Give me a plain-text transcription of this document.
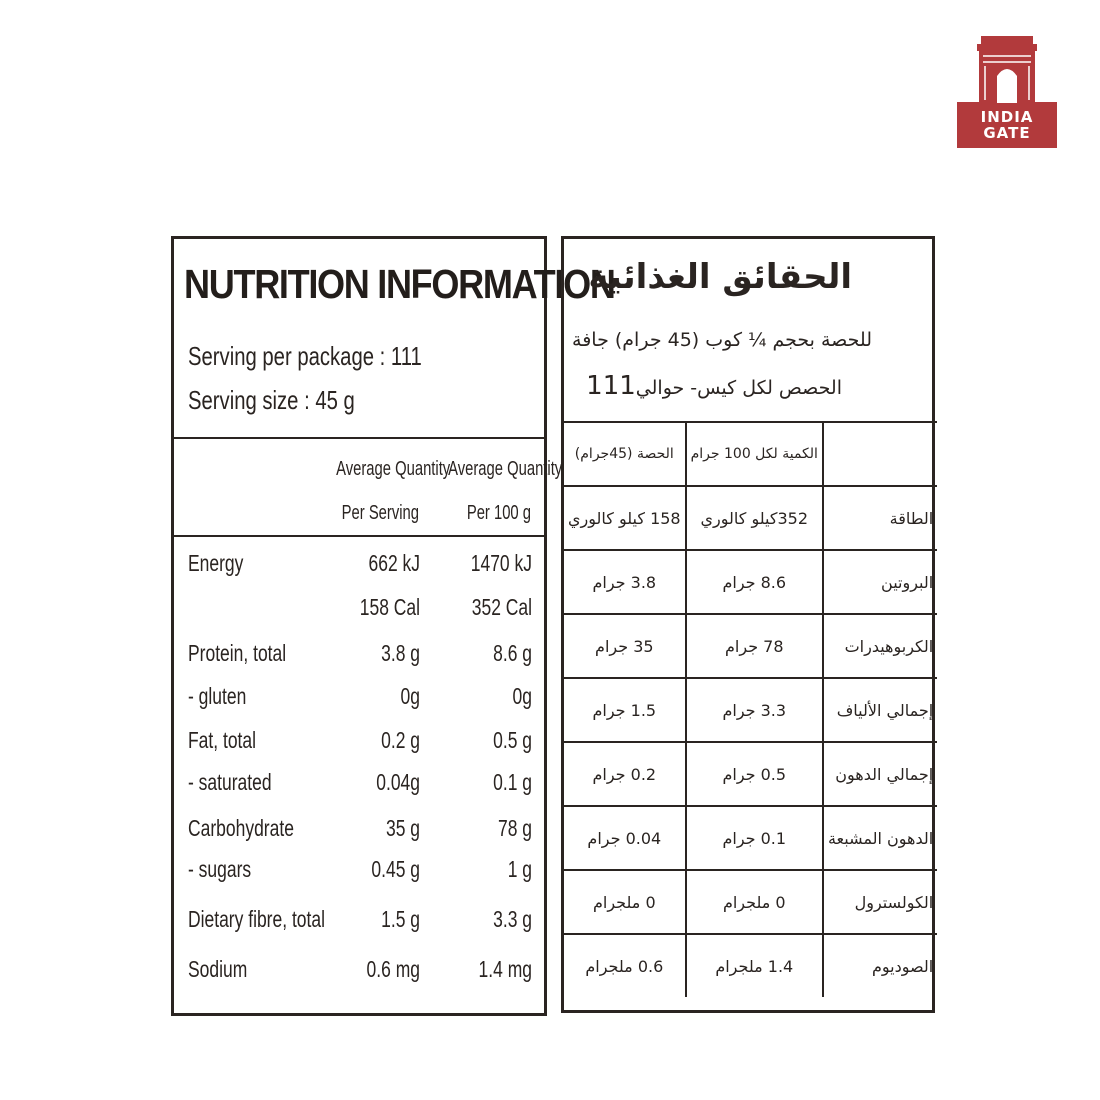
INDIA
GATE
NUTRITION INFORMATION
Serving per package : 111
Serving size : 45 g
Average Quantity
Per Serving
Average Quantity
Per 100 g
Energy	662 kJ	1470 kJ
158 Cal	352 Cal
Protein, total	3.8 g	8.6 g
- gluten	0g	0g
Fat, total	0.2 g	0.5 g
- saturated	0.04g	0.1 g
Carbohydrate	35 g	78 g
- sugars	0.45 g	1 g
Dietary fibre, total	1.5 g	3.3 g
Sodium	0.6 mg	1.4 mg
الحقائق الغذائية
للحصة بحجم ¼ كوب (45 جرام) جافة
الحصص لكل كيس- حوالي111
الحصة (45جرام)	الكمية لكل 100 جرام	
158 كيلو كالوري	352كيلو كالوري	الطاقة
3.8 جرام	8.6 جرام	البروتين
35 جرام	78 جرام	الكربوهيدرات
1.5 جرام	3.3 جرام	إجمالي الألياف
0.2 جرام	0.5 جرام	إجمالي الدهون
0.04 جرام	0.1 جرام	الدهون المشبعة
0 ملجرام	0 ملجرام	الكولسترول
0.6 ملجرام	1.4 ملجرام	الصوديوم
